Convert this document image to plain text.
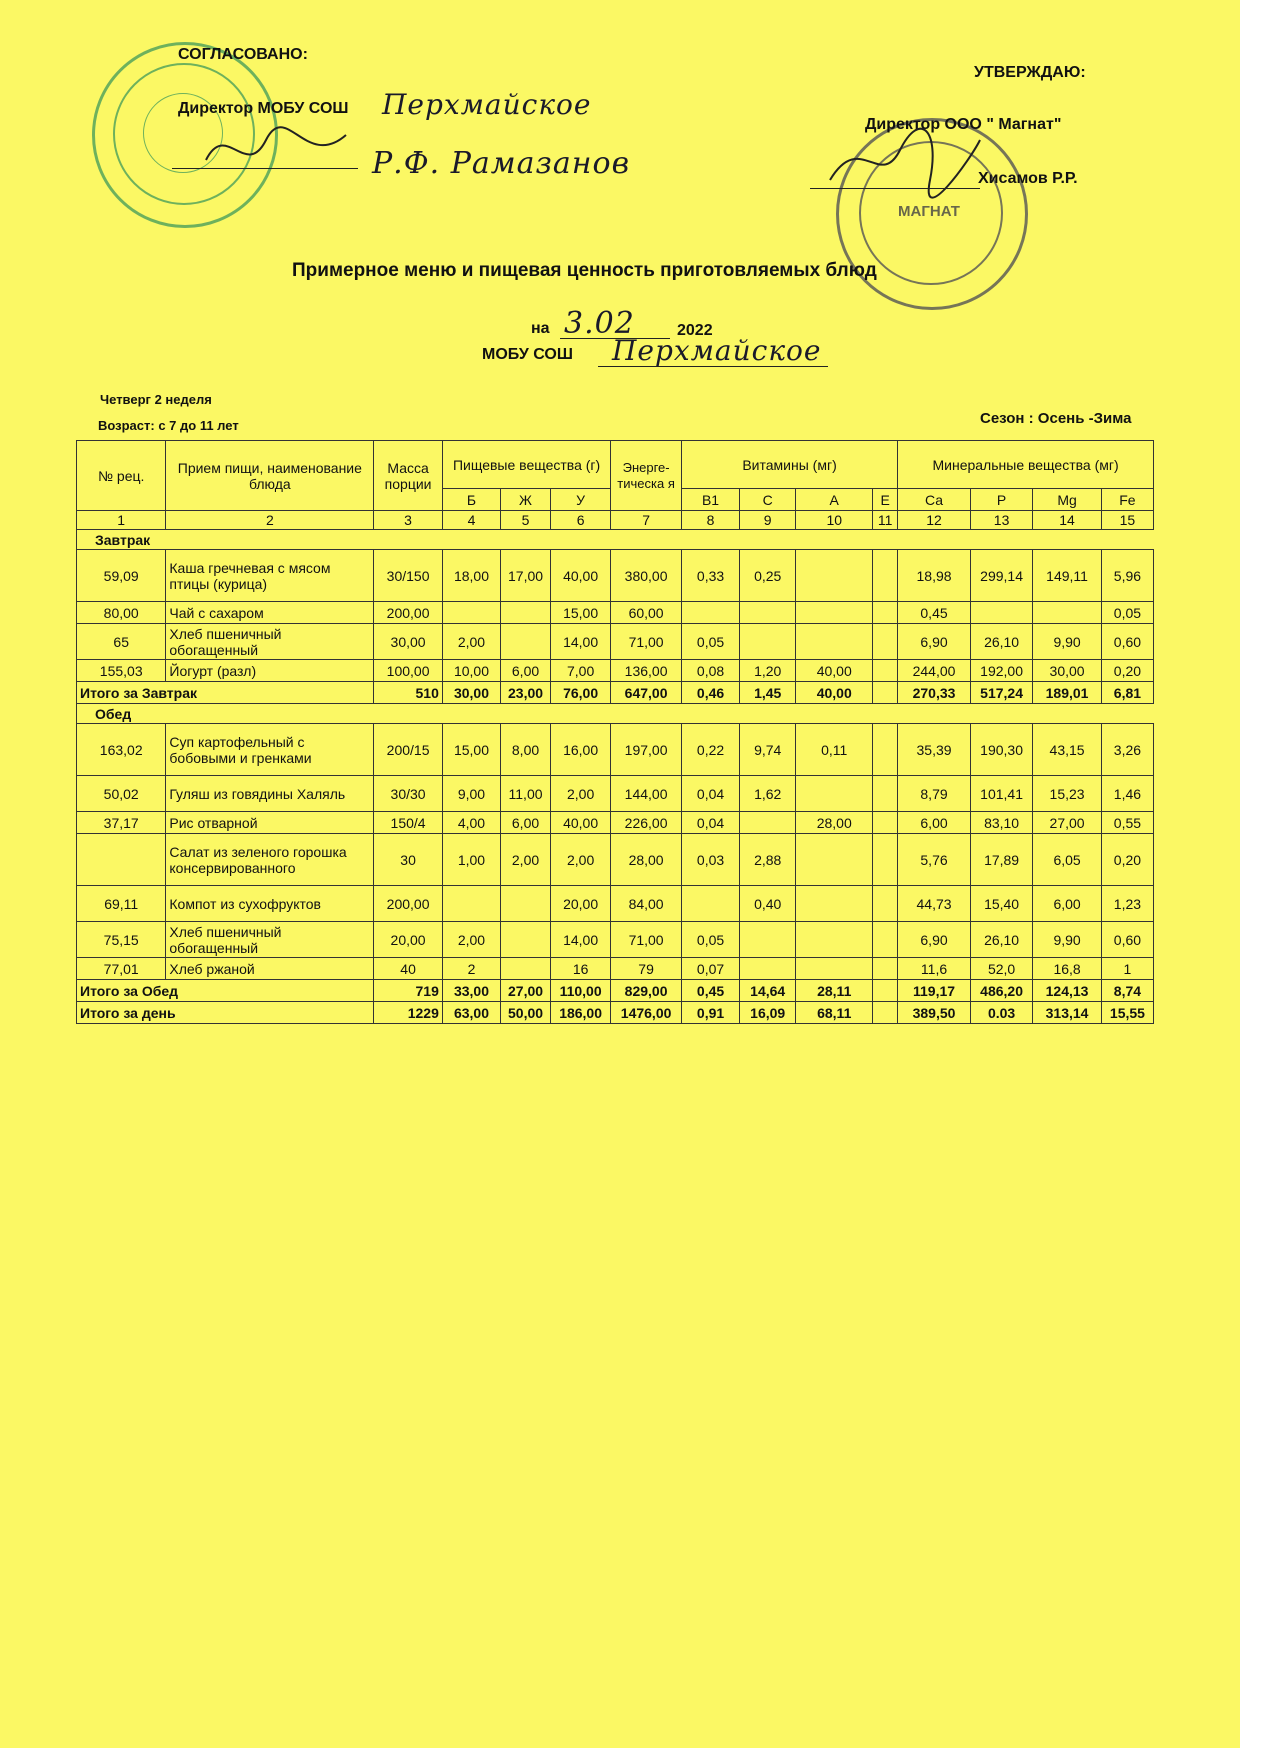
МАГНАТ
СОГЛАСОВАНО:
Директор МОБУ СОШ Перхмайское
Р.Ф. Рамазанов
УТВЕРЖДАЮ:
Директор ООО " Магнат"
Хисамов Р.Р.
Примерное меню и пищевая ценность приготовляемых блюд
на 3.02	2022
МОБУ СОШ Перхмайское
Четверг 2 неделя
Возраст: с 7 до 11 лет	Сезон : Осень -Зима
№ рец.	Прием пищи, наименование блюда	Масса порции	Пищевые вещества (г)			Энерге-тическа я	Витамины (мг)				Минеральные вещества (мг)			
			Б	Ж	У		В1	С	А	Е	Са	Р	Mg	Fe
1	2	3	4	5	6	7	8	9	10	11	12	13	14	15
Завтрак														
59,09	Каша гречневая с мясом птицы (курица)	30/150	18,00	17,00	40,00	380,00	0,33	0,25			18,98	299,14	149,11	5,96
80,00	Чай с сахаром	200,00			15,00	60,00					0,45			0,05
65	Хлеб пшеничный обогащенный	30,00	2,00		14,00	71,00	0,05				6,90	26,10	9,90	0,60
155,03	Йогурт (разл)	100,00	10,00	6,00	7,00	136,00	0,08	1,20	40,00		244,00	192,00	30,00	0,20
Итого за Завтрак		510	30,00	23,00	76,00	647,00	0,46	1,45	40,00		270,33	517,24	189,01	6,81
Обед														
163,02	Суп картофельный с бобовыми и гренками	200/15	15,00	8,00	16,00	197,00	0,22	9,74	0,11		35,39	190,30	43,15	3,26
50,02	Гуляш из говядины Халяль	30/30	9,00	11,00	2,00	144,00	0,04	1,62			8,79	101,41	15,23	1,46
37,17	Рис отварной	150/4	4,00	6,00	40,00	226,00	0,04		28,00		6,00	83,10	27,00	0,55
	Салат из зеленого горошка консервированного	30	1,00	2,00	2,00	28,00	0,03	2,88			5,76	17,89	6,05	0,20
69,11	Компот из сухофруктов	200,00			20,00	84,00		0,40			44,73	15,40	6,00	1,23
75,15	Хлеб пшеничный обогащенный	20,00	2,00		14,00	71,00	0,05				6,90	26,10	9,90	0,60
77,01	Хлеб ржаной	40	2		16	79	0,07				11,6	52,0	16,8	1
Итого за Обед		719	33,00	27,00	110,00	829,00	0,45	14,64	28,11		119,17	486,20	124,13	8,74
Итого за день		1229	63,00	50,00	186,00	1476,00	0,91	16,09	68,11		389,50	0.03	313,14	15,55
